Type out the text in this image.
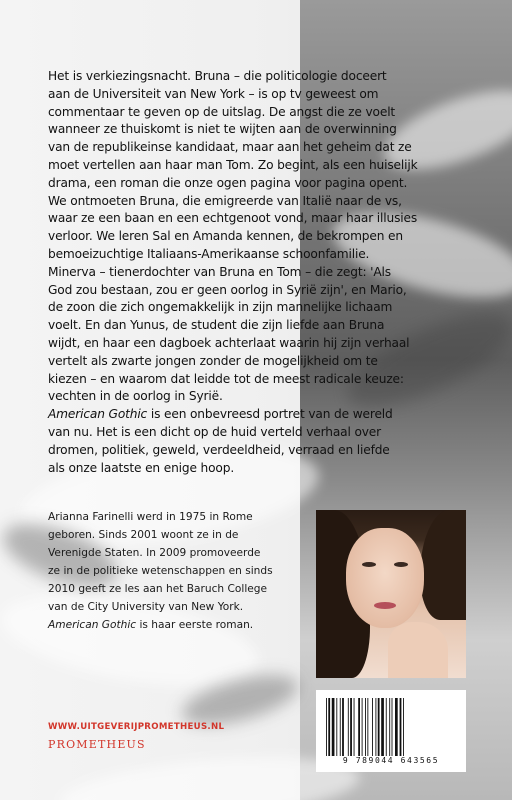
Het is verkiezingsnacht. Bruna – die politicologie doceert

aan de Universiteit van New York – is op tv geweest om

commentaar te geven op de uitslag. De angst die ze voelt

wanneer ze thuiskomt is niet te wijten aan de overwinning

van de republikeinse kandidaat, maar aan het geheim dat ze

moet vertellen aan haar man Tom. Zo begint, als een huiselijk

drama, een roman die onze ogen pagina voor pagina opent.

We ontmoeten Bruna, die emigreerde van Italië naar de vs,

waar ze een baan en een echtgenoot vond, maar haar illusies

verloor. We leren Sal en Amanda kennen, de bekrompen en

bemoeizuchtige Italiaans-Amerikaanse schoonfamilie.

Minerva – tienerdochter van Bruna en Tom – die zegt: 'Als

God zou bestaan, zou er geen oorlog in Syrië zijn', en Mario,

de zoon die zich ongemakkelijk in zijn mannelijke lichaam

voelt. En dan Yunus, de student die zijn liefde aan Bruna

wijdt, en haar een dagboek achterlaat waarin hij zijn verhaal

vertelt als zwarte jongen zonder de mogelijkheid om te

kiezen – en waarom dat leidde tot de meest radicale keuze:

vechten in de oorlog in Syrië.

American Gothic is een onbevreesd portret van de wereld

van nu. Het is een dicht op de huid verteld verhaal over

dromen, politiek, geweld, verdeeldheid, verraad en liefde

als onze laatste en enige hoop.

Arianna Farinelli werd in 1975 in Rome
geboren. Sinds 2001 woont ze in de
Verenigde Staten. In 2009 promoveerde
ze in de politieke wetenschappen en sinds
2010 geeft ze les aan het Baruch College
van de City University van New York.
American Gothic is haar eerste roman.
9 789044 643565
WWW.UITGEVERIJPROMETHEUS.NL
PROMETHEUS
